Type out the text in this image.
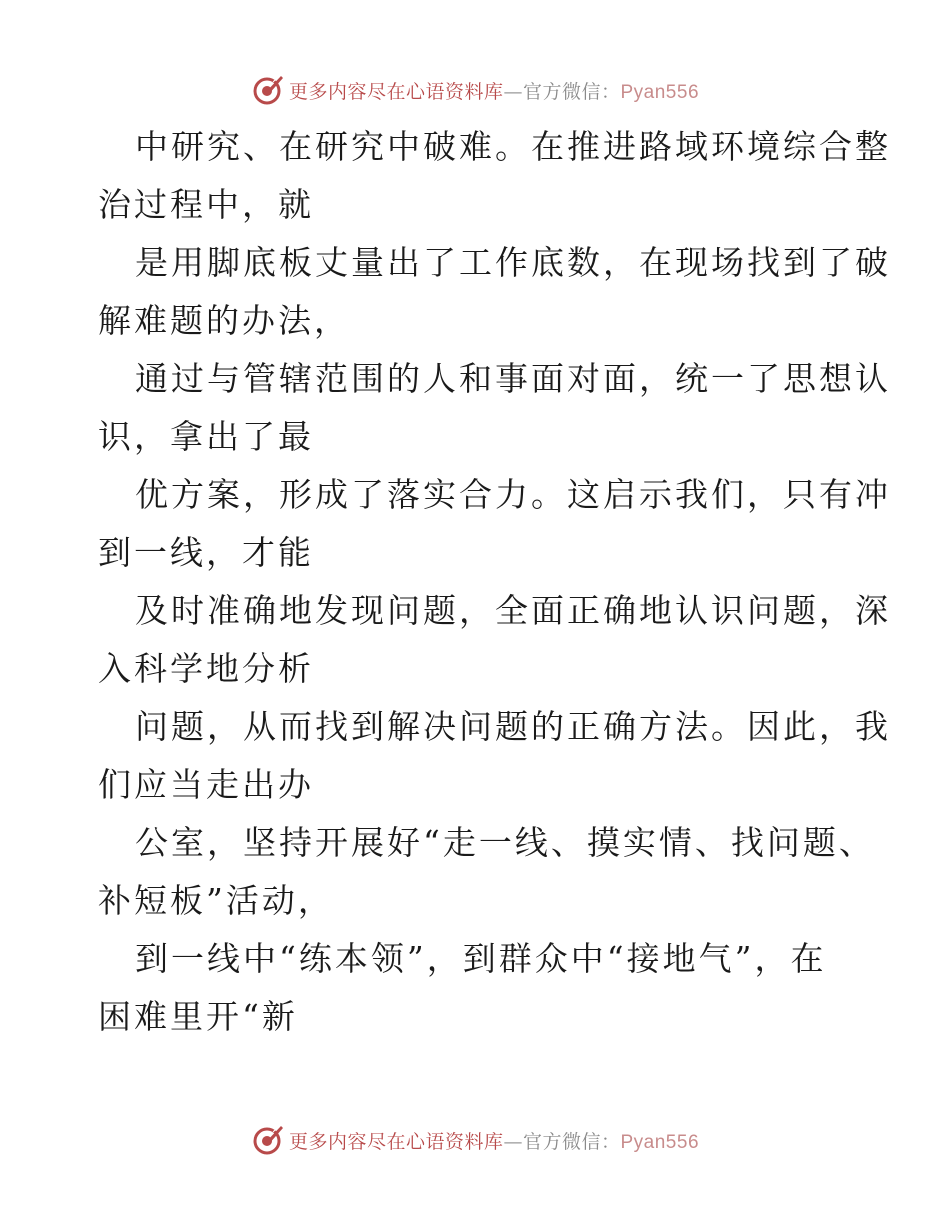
更多内容尽在心语资料库—官方微信：Pyan556

中研究、在研究中破难。在推进路域环境综合整
治过程中，就

是用脚底板丈量出了工作底数，在现场找到了破
解难题的办法，

通过与管辖范围的人和事面对面，统一了思想认
识，拿出了最

优方案，形成了落实合力。这启示我们，只有冲
到一线，才能

及时准确地发现问题，全面正确地认识问题，深
入科学地分析

问题，从而找到解决问题的正确方法。因此，我
们应当走出办

公室，坚持开展好“走一线、摸实情、找问题、
补短板”活动，

到一线中“练本领”，到群众中“接地气”，在
困难里开“新

更多内容尽在心语资料库—官方微信：Pyan556
